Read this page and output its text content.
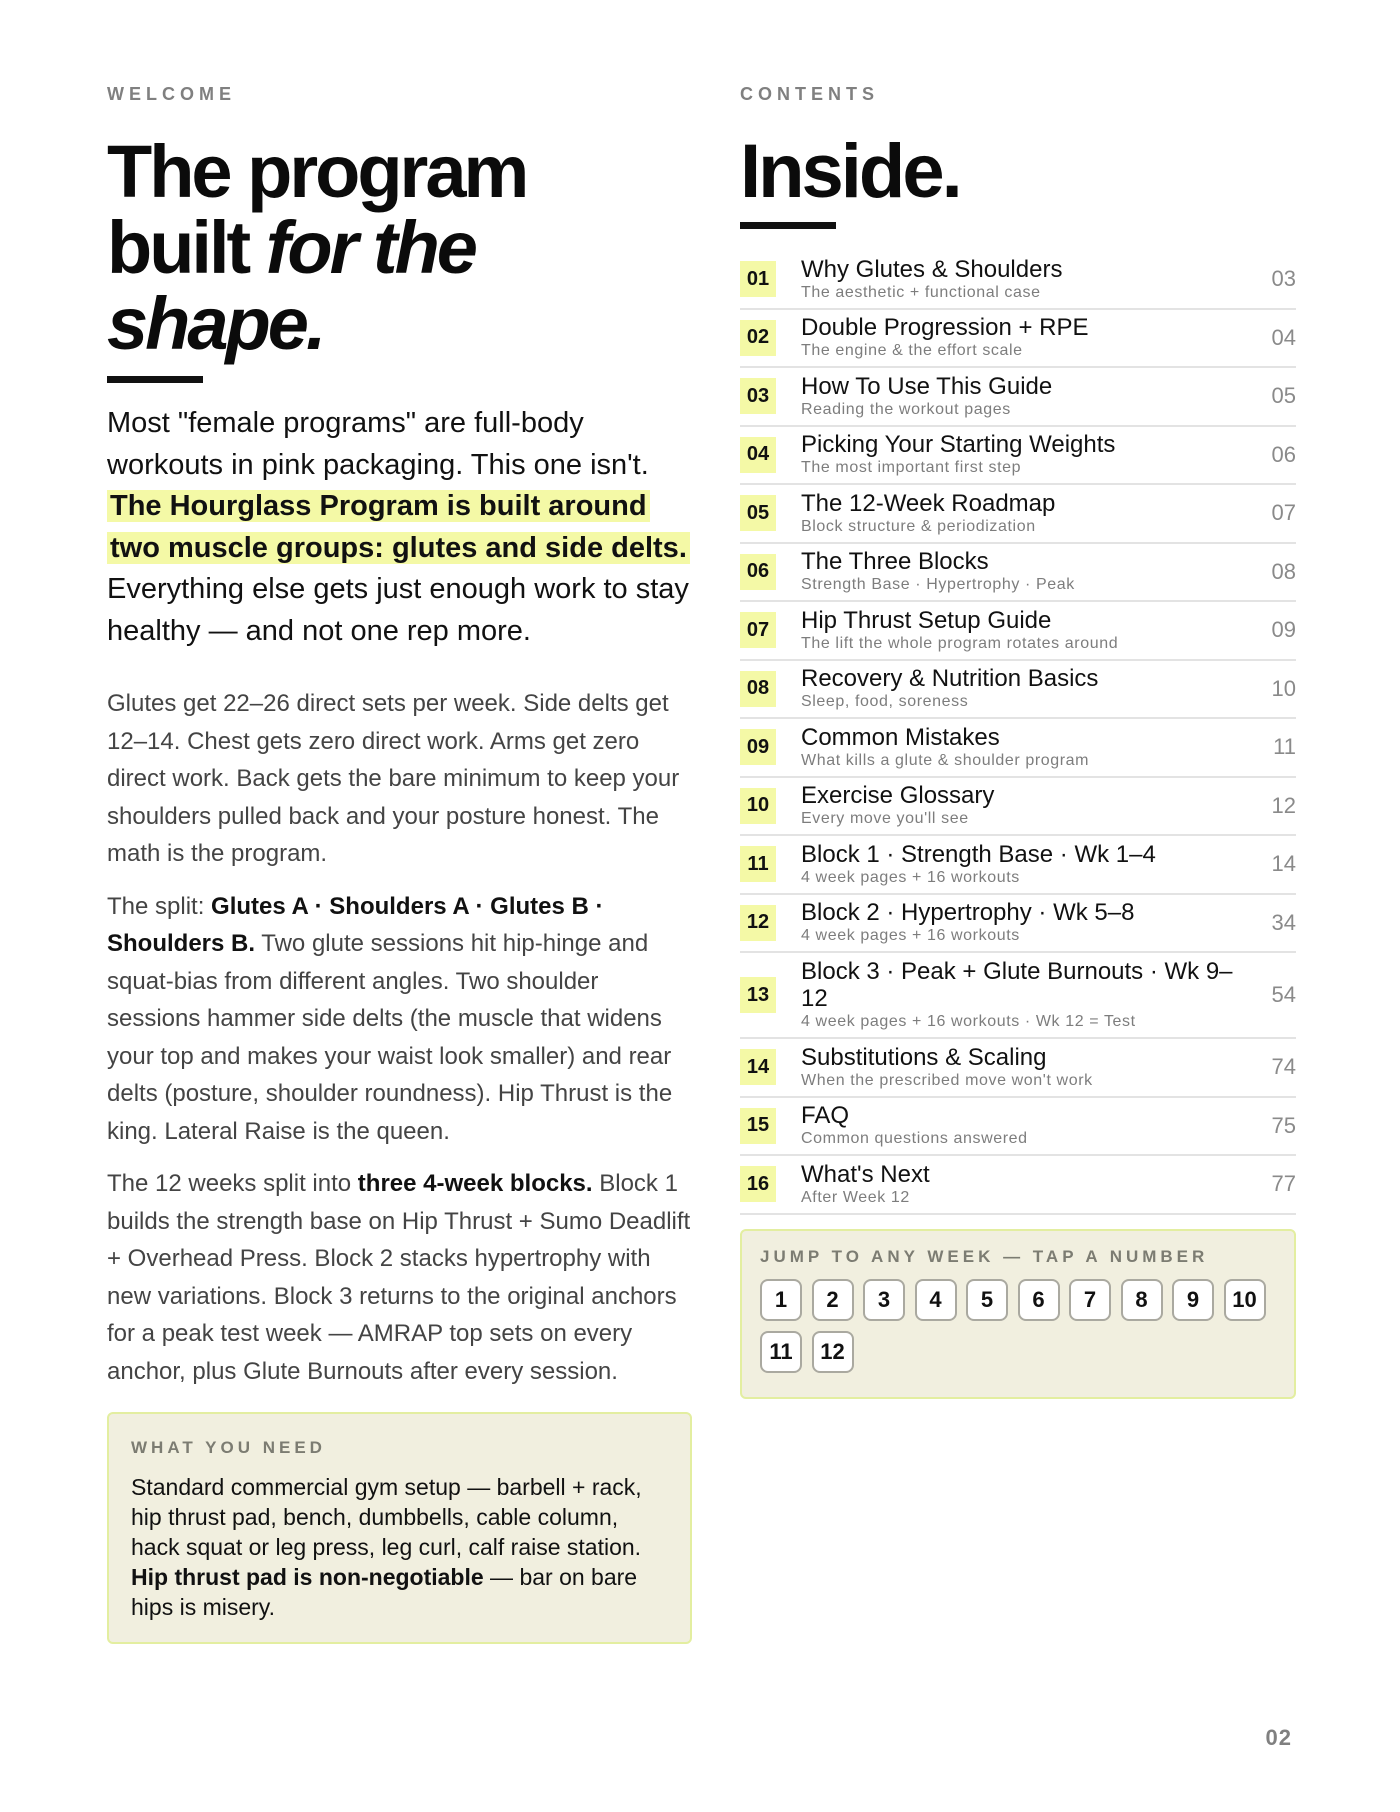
WELCOME
The program
built for the
shape.

Most "female programs" are full-body workouts in pink packaging. This one isn't. The Hourglass Program is built around two muscle groups: glutes and side delts. Everything else gets just enough work to stay healthy — and not one rep more.

Glutes get 22–26 direct sets per week. Side delts get 12–14. Chest gets zero direct work. Arms get zero direct work. Back gets the bare minimum to keep your shoulders pulled back and your posture honest. The math is the program.

The split: Glutes A · Shoulders A · Glutes B · Shoulders B. Two glute sessions hit hip-hinge and squat-bias from different angles. Two shoulder sessions hammer side delts (the muscle that widens your top and makes your waist look smaller) and rear delts (posture, shoulder roundness). Hip Thrust is the king. Lateral Raise is the queen.

The 12 weeks split into three 4-week blocks. Block 1 builds the strength base on Hip Thrust + Sumo Deadlift + Overhead Press. Block 2 stacks hypertrophy with new variations. Block 3 returns to the original anchors for a peak test week — AMRAP top sets on every anchor, plus Glute Burnouts after every session.

WHAT YOU NEED

Standard commercial gym setup — barbell + rack, hip thrust pad, bench, dumbbells, cable column, hack squat or leg press, leg curl, calf raise station. Hip thrust pad is non-negotiable — bar on bare hips is misery.

CONTENTS
Inside.
01 Why Glutes & Shoulders
The aesthetic + functional case
03
02 Double Progression + RPE
The engine & the effort scale
04
03 How To Use This Guide
Reading the workout pages
05
04 Picking Your Starting Weights
The most important first step
06
05 The 12-Week Roadmap
Block structure & periodization
07
06 The Three Blocks
Strength Base · Hypertrophy · Peak
08
07 Hip Thrust Setup Guide
The lift the whole program rotates around
09
08 Recovery & Nutrition Basics
Sleep, food, soreness
10
09 Common Mistakes
What kills a glute & shoulder program
11
10 Exercise Glossary
Every move you'll see
12
11	Block 1 · Strength Base · Wk 1–4
4 week pages + 16 workouts
14
12 Block 2 · Hypertrophy · Wk 5–8
4 week pages + 16 workouts
34
13
Block 3 · Peak + Glute Burnouts · Wk 9–12
4 week pages + 16 workouts · Wk 12 = Test
54
14 Substitutions & Scaling
When the prescribed move won't work
74
15 FAQ
Common questions answered
75
16 What's Next
After Week 12
77
JUMP TO ANY WEEK — TAP A NUMBER
1	2	3	4	5	6	7	8	9	10
11	12
02
